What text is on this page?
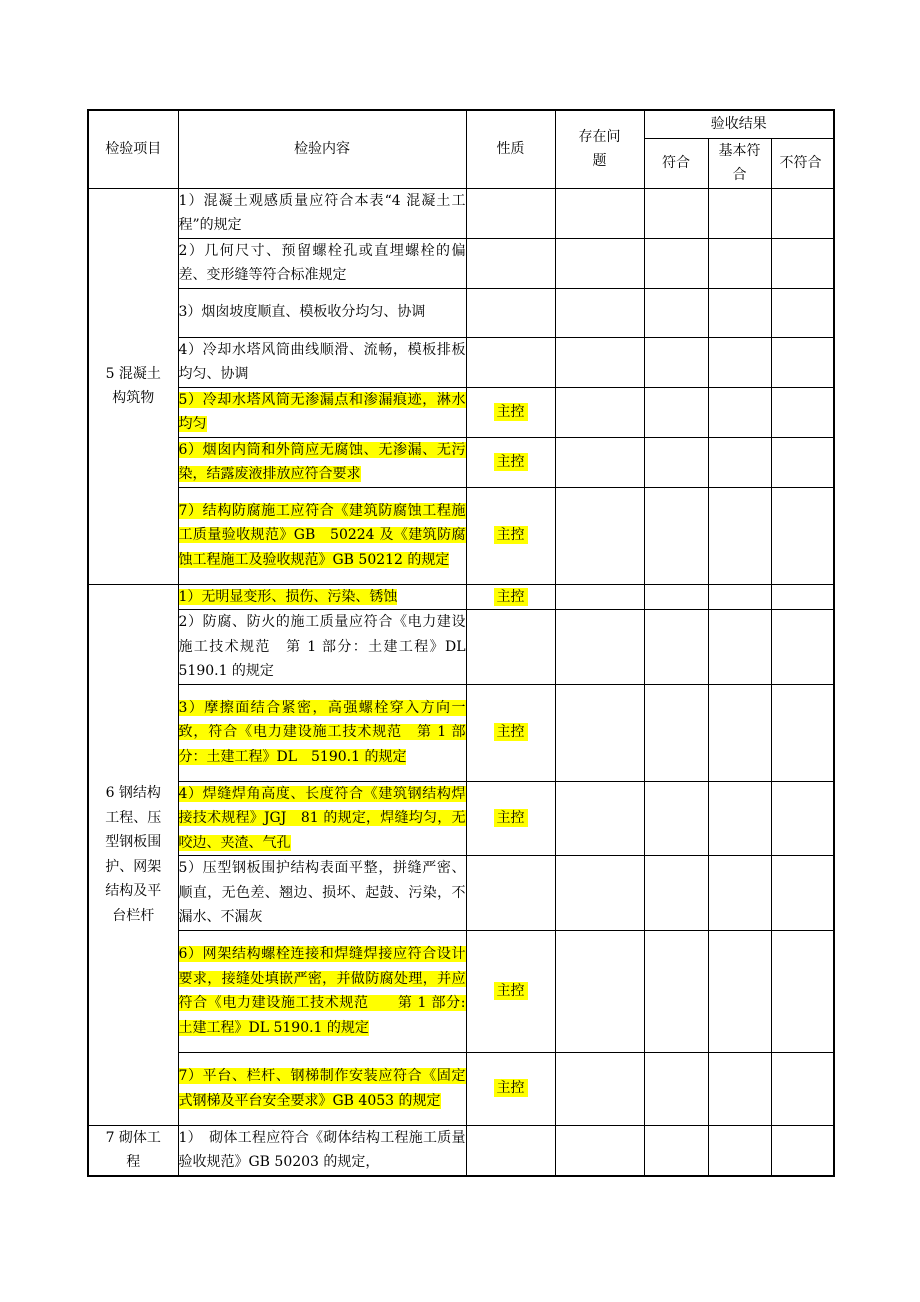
检验项目	检验内容	性质	存在问题	验收结果		
				符合	基本符合	不符合
5 混凝土构筑物	1）混凝土观感质量应符合本表“4 混凝土工程”的规定					
	2）几何尺寸、预留螺栓孔或直埋螺栓的偏差、变形缝等符合标准规定					
	3）烟囱坡度顺直、模板收分均匀、协调					
	4）冷却水塔风筒曲线顺滑、流畅，模板排板均匀、协调					
	5）冷却水塔风筒无渗漏点和渗漏痕迹，淋水均匀	主控				
	6）烟囱内筒和外筒应无腐蚀、无渗漏、无污染，结露废液排放应符合要求	主控				
	7）结构防腐施工应符合《建筑防腐蚀工程施工质量验收规范》GB　50224 及《建筑防腐蚀工程施工及验收规范》GB 50212 的规定	主控				
6 钢结构工程、压型钢板围护、网架结构及平台栏杆	1）无明显变形、损伤、污染、锈蚀	主控				
	2）防腐、防火的施工质量应符合《电力建设施工技术规范　第 1 部分：土建工程》DL 5190.1 的规定					
	3）摩擦面结合紧密，高强螺栓穿入方向一致，符合《电力建设施工技术规范　第 1 部分：土建工程》DL　5190.1 的规定	主控				
	4）焊缝焊角高度、长度符合《建筑钢结构焊接技术规程》JGJ　81 的规定，焊缝均匀，无咬边、夹渣、气孔	主控				
	5）压型钢板围护结构表面平整，拼缝严密、顺直，无色差、翘边、损坏、起鼓、污染，不漏水、不漏灰					
	6）网架结构螺栓连接和焊缝焊接应符合设计要求，接缝处填嵌严密，并做防腐处理，并应符合《电力建设施工技术规范　　第 1 部分:土建工程》DL 5190.1 的规定	主控				
	7）平台、栏杆、钢梯制作安装应符合《固定式钢梯及平台安全要求》GB 4053 的规定	主控				
7 砌体工程	1）　砌体工程应符合《砌体结构工程施工质量验收规范》GB 50203 的规定，					
